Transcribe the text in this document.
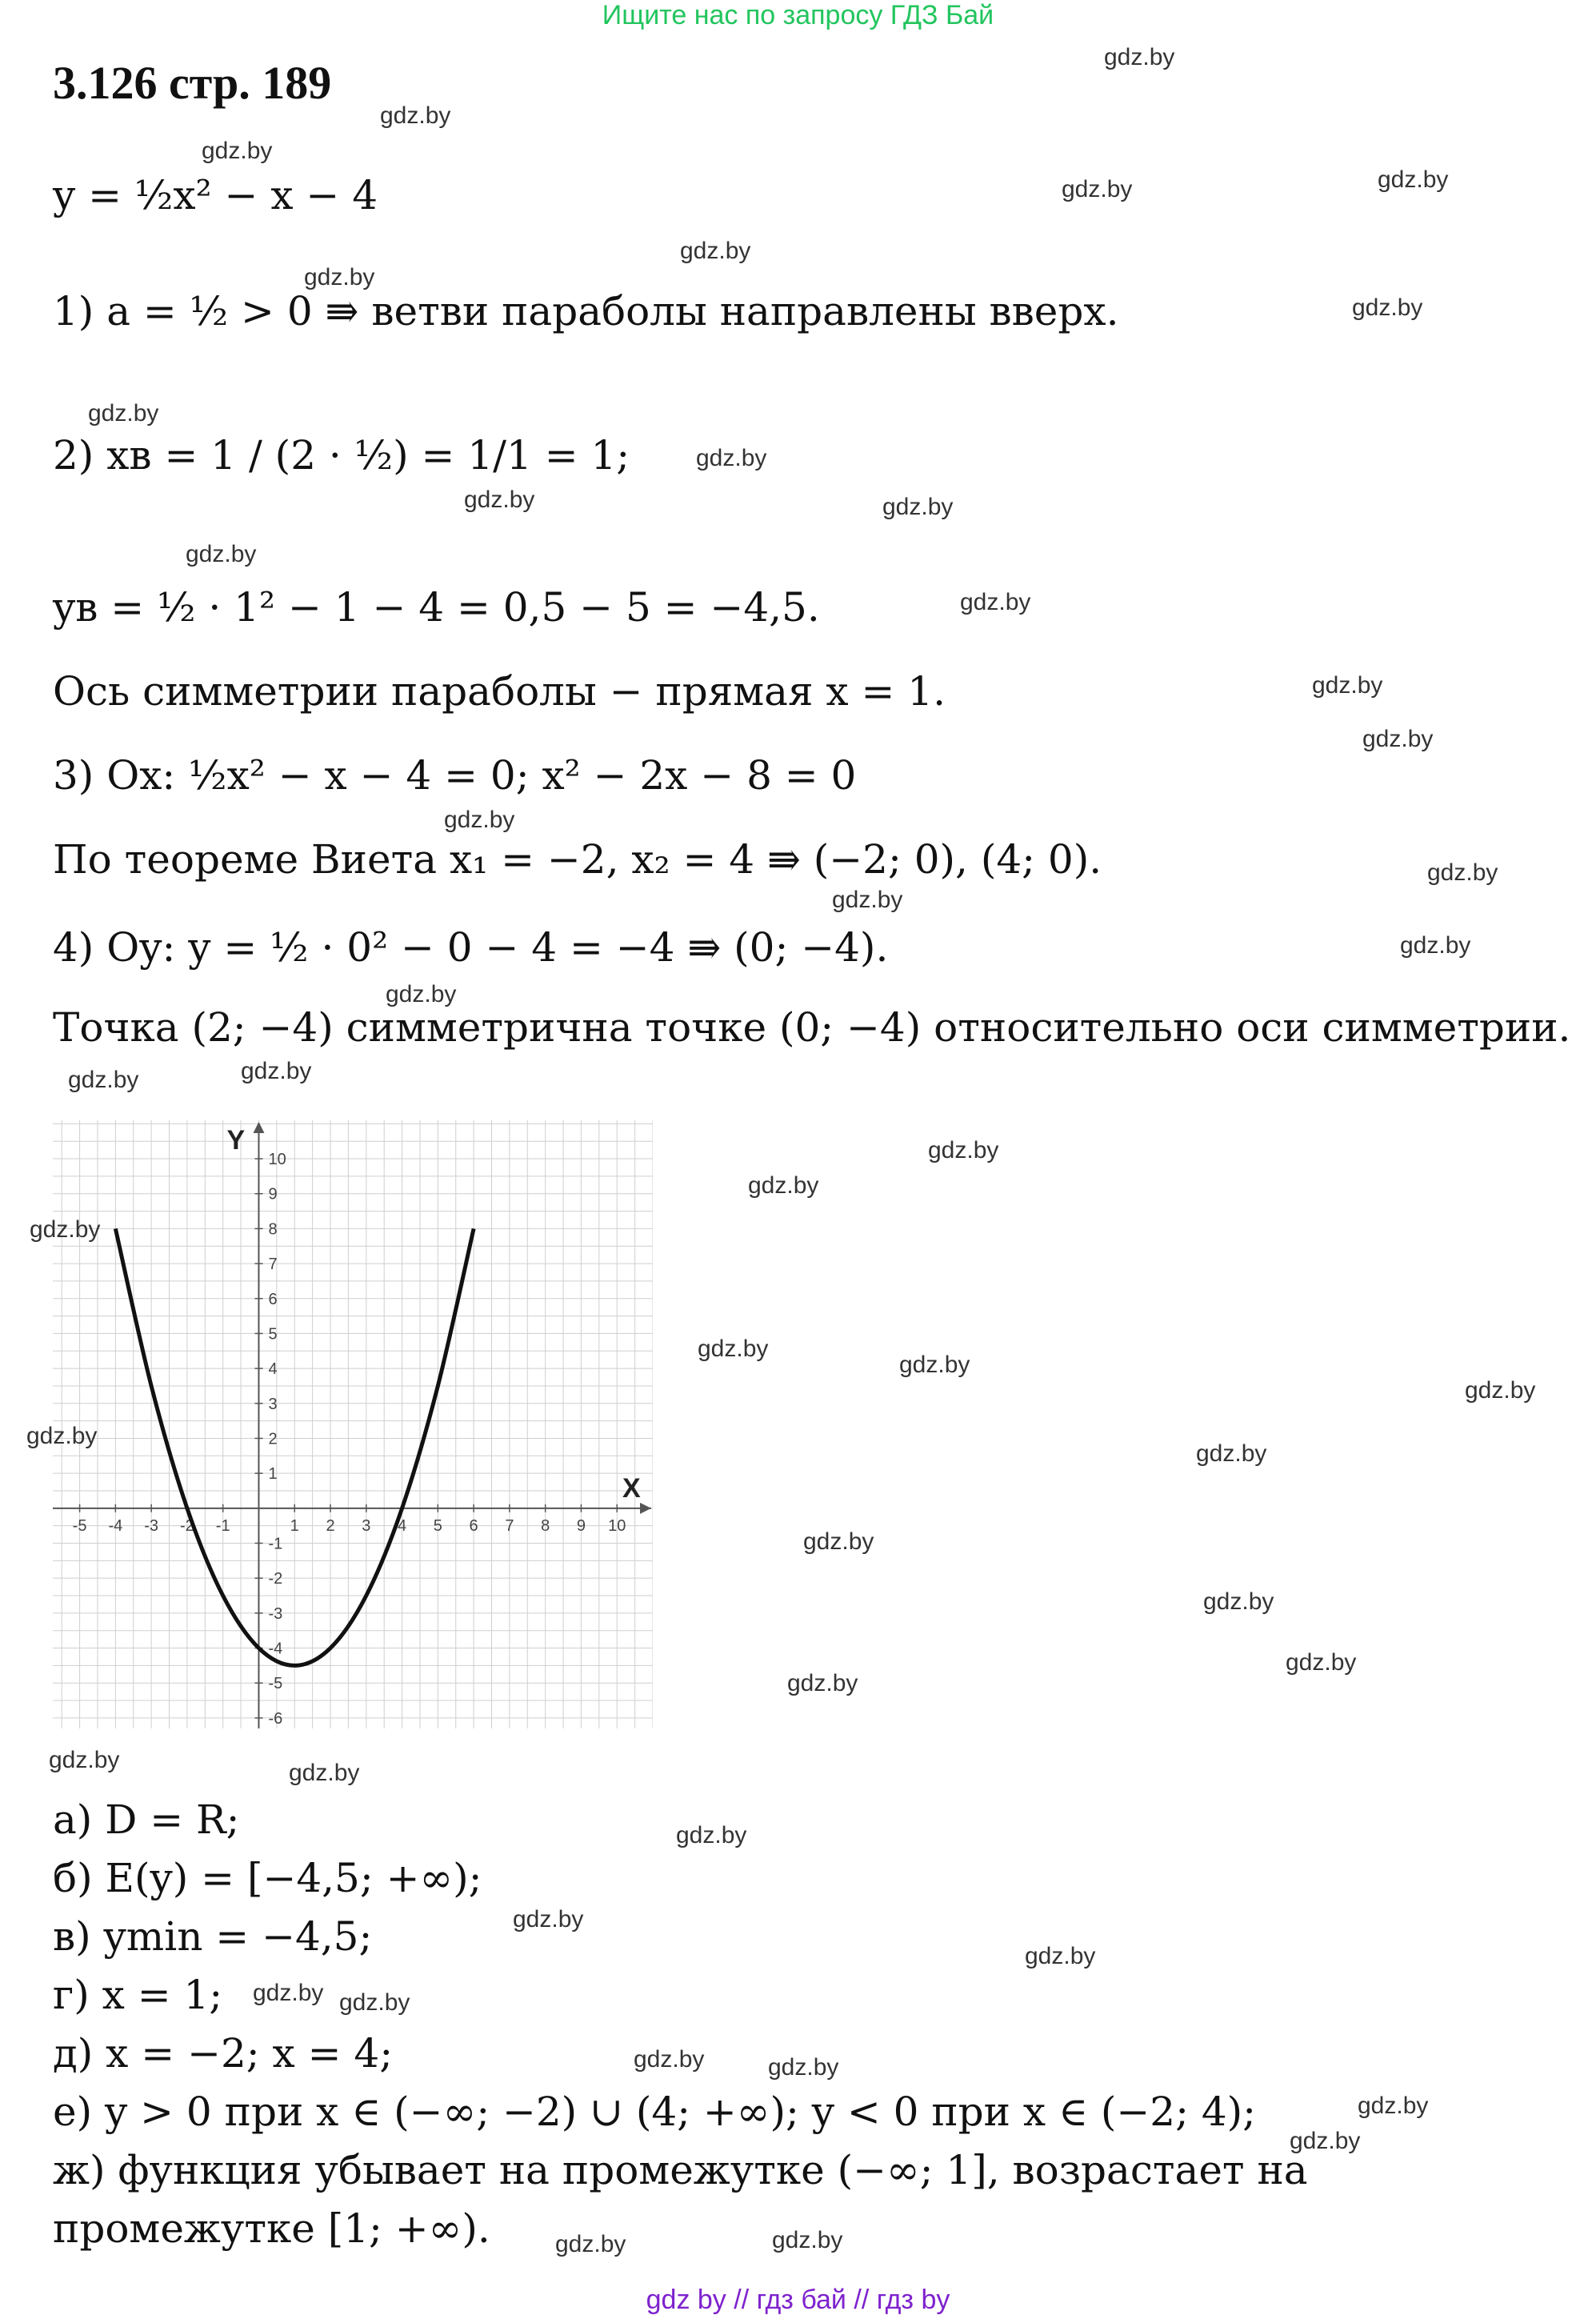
Ищите нас по запросу ГДЗ Бай
3.126 стр. 189
y = ½x² − x − 4
1) a = ½ > 0 ⇛ ветви параболы направлены вверх.
2) xв = 1 / (2 · ½) = 1/1 = 1;
yв = ½ · 1² − 1 − 4 = 0,5 − 5 = −4,5.
Ось симметрии параболы − прямая x = 1.
3) Ox: ½x² − x − 4 = 0; x² − 2x − 8 = 0
По теореме Виета x₁ = −2, x₂ = 4 ⇛ (−2; 0), (4; 0).
4) Oy: y = ½ · 0² − 0 − 4 = −4 ⇛ (0; −4).
Точка (2; −4) симметрична точке (0; −4) относительно оси симметрии.
X
Y
-5 -4 -3 -2 -1	1 2 3 4 5 6 7 8 9 10
-6
-5
-4
-3
-2
-1
1
2
3
4
5
6
7
8
9
10
а) D = R;
б) E(y) = [−4,5; +∞);
в) ymin = −4,5;
г) x = 1;
д) x = −2; x = 4;
е) y > 0 при x ∈ (−∞; −2) ∪ (4; +∞); y < 0 при x ∈ (−2; 4);
ж) функция убывает на промежутке (−∞; 1], возрастает на
промежутке [1; +∞).
gdz.by
gdz.by
gdz.by
gdz.by	gdz.by
gdz.by
gdz.by
gdz.by
gdz.by
gdz.by
gdz.by	gdz.by
gdz.by
gdz.by
gdz.by
gdz.by
gdz.by
gdz.by
gdz.by
gdz.by
gdz.by
gdz.by	gdz.by
gdz.by
gdz.by
gdz.by
gdz.by
gdz.by
gdz.by
gdz.by
gdz.by
gdz.by
gdz.by
gdz.by
gdz.by
gdz.by	gdz.by
gdz.by
gdz.by
gdz.by
gdz.by gdz.by
gdz.by	gdz.by
gdz.by
gdz.by
gdz.by	gdz.by
gdz by // гдз бай // гдз by
